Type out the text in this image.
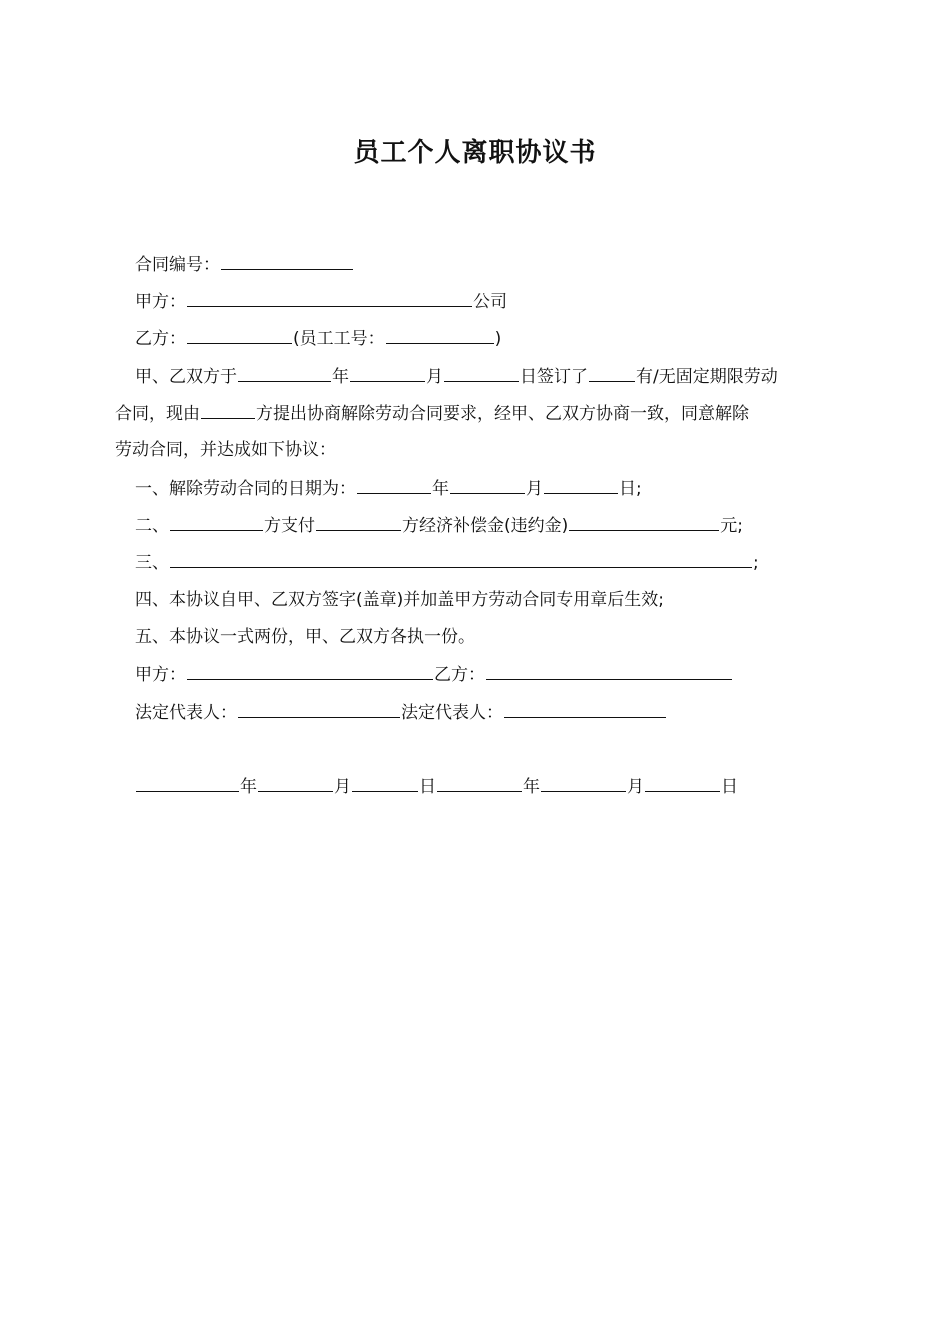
员工个人离职协议书
合同编号：
甲方：	公司
乙方：	(员工工号：	)
甲、乙双方于	年	月	日签订了	有/无固定期限劳动
合同，现由	方提出协商解除劳动合同要求，经甲、乙双方协商一致，同意解除
劳动合同，并达成如下协议：
一、解除劳动合同的日期为：	年	月	日;
二、	方支付	方经济补偿金(违约金)	元;
三、	;
四、本协议自甲、乙双方签字(盖章)并加盖甲方劳动合同专用章后生效;
五、本协议一式两份，甲、乙双方各执一份。
甲方：	乙方：
法定代表人：	法定代表人：
年	月	日	年	月	日
